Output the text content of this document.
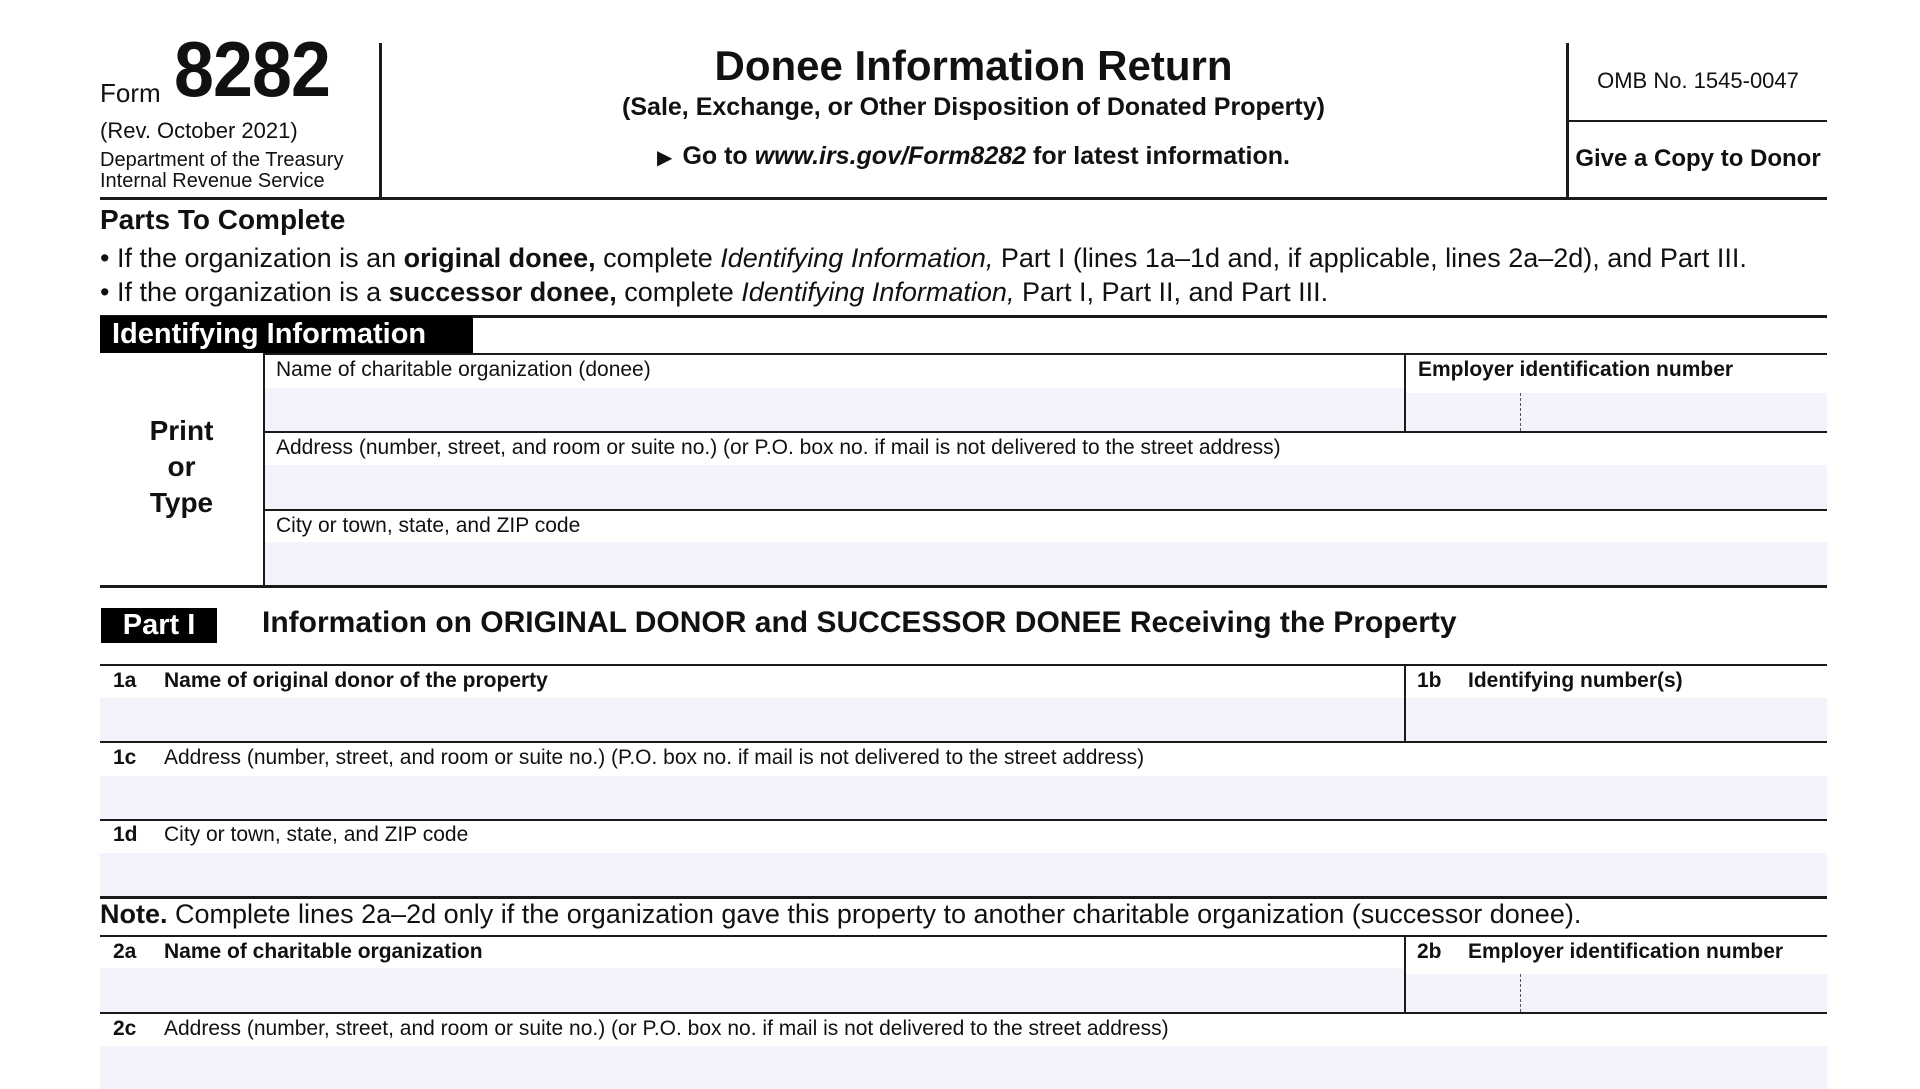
Form 8282
(Rev. October 2021)
Department of the Treasury
Internal Revenue Service
Donee Information Return
(Sale, Exchange, or Other Disposition of Donated Property)
▶ Go to www.irs.gov/Form8282 for latest information.
OMB No. 1545-0047
Give a Copy to Donor
Parts To Complete
• If the organization is an original donee, complete Identifying Information, Part I (lines 1a–1d and, if applicable, lines 2a–2d), and Part III.
• If the organization is a successor donee, complete Identifying Information, Part I, Part II, and Part III.
Identifying Information
Print
or
Type
Name of charitable organization (donee)	Employer identification number
Address (number, street, and room or suite no.) (or P.O. box no. if mail is not delivered to the street address)
City or town, state, and ZIP code
Part I	Information on ORIGINAL DONOR and SUCCESSOR DONEE Receiving the Property
1a Name of original donor of the property	1b Identifying number(s)
1c Address (number, street, and room or suite no.) (P.O. box no. if mail is not delivered to the street address)
1d City or town, state, and ZIP code
Note. Complete lines 2a–2d only if the organization gave this property to another charitable organization (successor donee).
2a Name of charitable organization	2b Employer identification number
2c Address (number, street, and room or suite no.) (or P.O. box no. if mail is not delivered to the street address)
